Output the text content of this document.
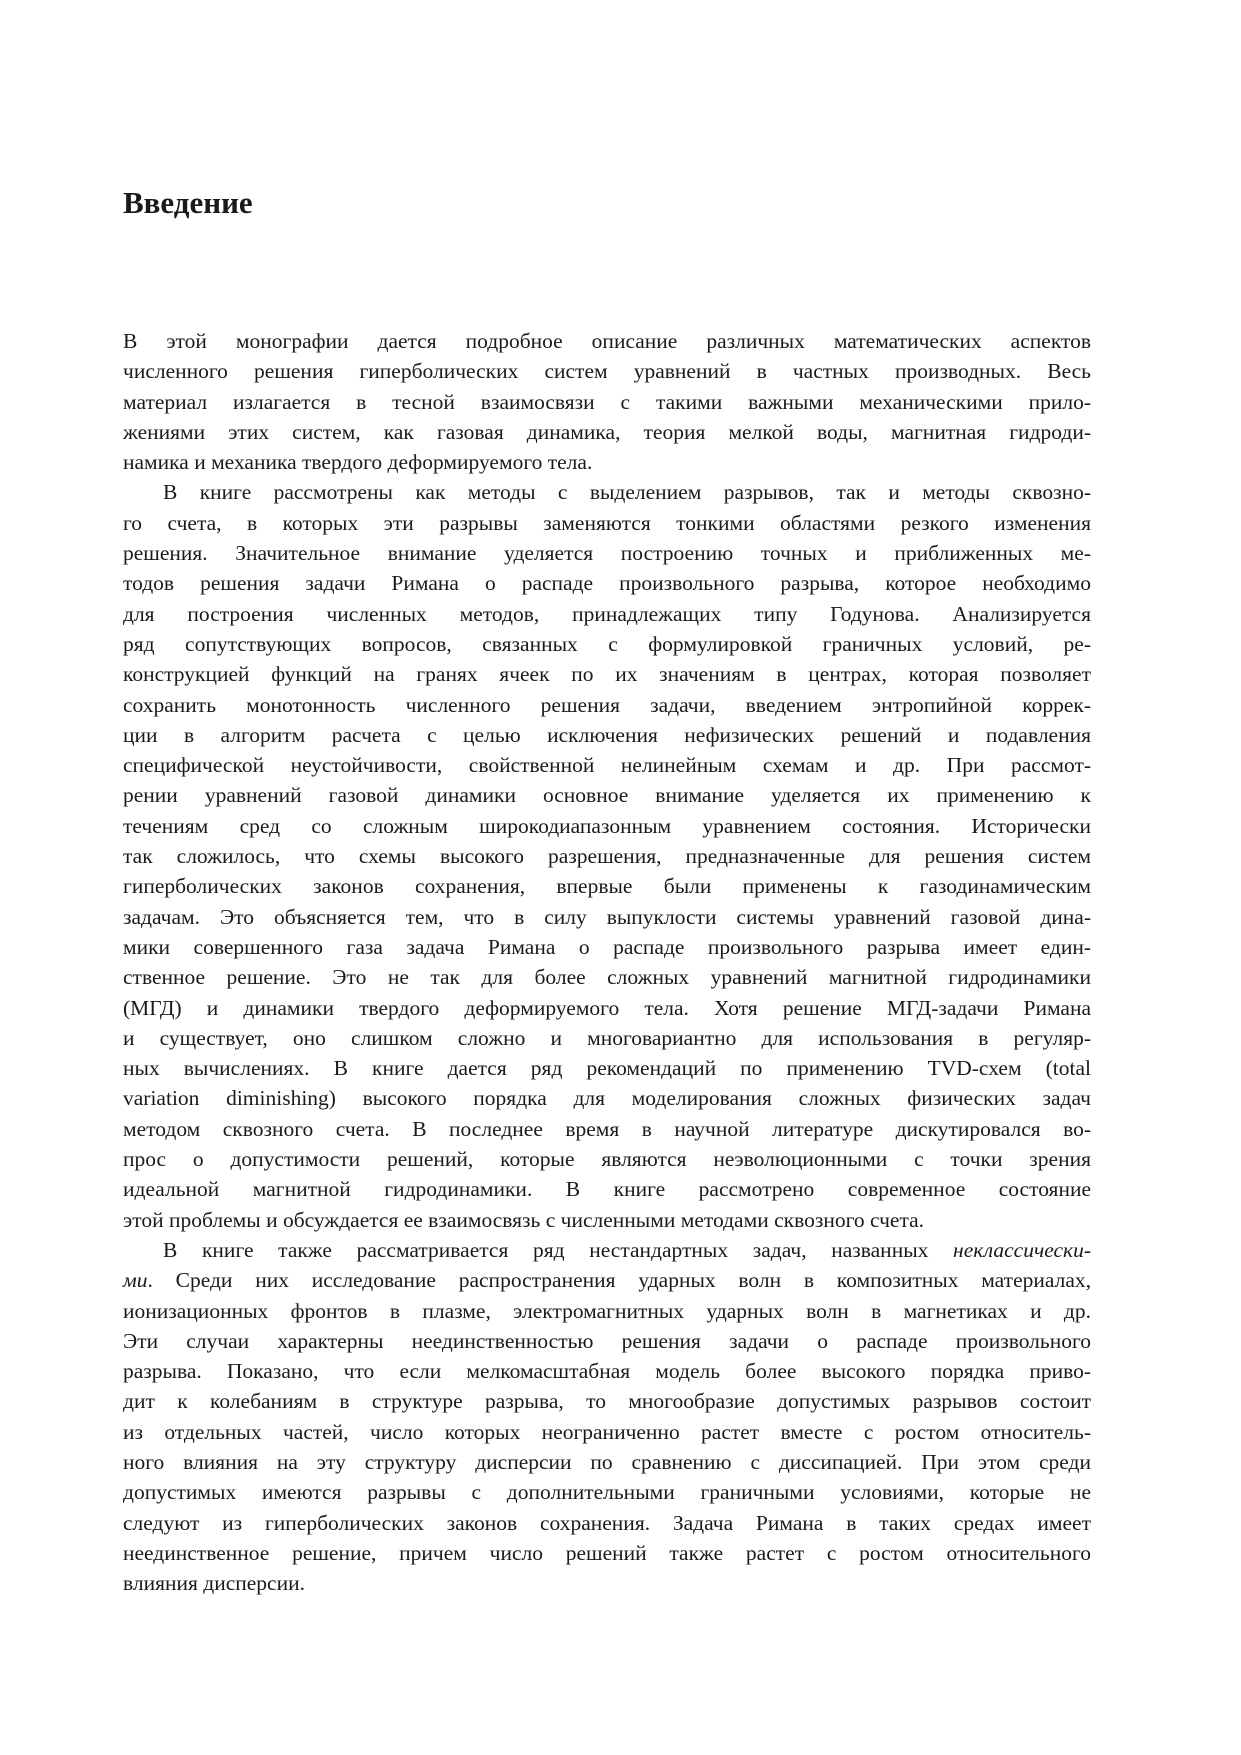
Введение
В этой монографии дается подробное описание различных математических аспектов
численного решения гиперболических систем уравнений в частных производных. Весь
материал излагается в тесной взаимосвязи с такими важными механическими прило-
жениями этих систем, как газовая динамика, теория мелкой воды, магнитная гидроди-
намика и механика твердого деформируемого тела.
В книге рассмотрены как методы с выделением разрывов, так и методы сквозно-
го счета, в которых эти разрывы заменяются тонкими областями резкого изменения
решения. Значительное внимание уделяется построению точных и приближенных ме-
тодов решения задачи Римана о распаде произвольного разрыва, которое необходимо
для построения численных методов, принадлежащих типу Годунова. Анализируется
ряд сопутствующих вопросов, связанных с формулировкой граничных условий, ре-
конструкцией функций на гранях ячеек по их значениям в центрах, которая позволяет
сохранить монотонность численного решения задачи, введением энтропийной коррек-
ции в алгоритм расчета с целью исключения нефизических решений и подавления
специфической неустойчивости, свойственной нелинейным схемам и др. При рассмот-
рении уравнений газовой динамики основное внимание уделяется их применению к
течениям сред со сложным широкодиапазонным уравнением состояния. Исторически
так сложилось, что схемы высокого разрешения, предназначенные для решения систем
гиперболических законов сохранения, впервые были применены к газодинамическим
задачам. Это объясняется тем, что в силу выпуклости системы уравнений газовой дина-
мики совершенного газа задача Римана о распаде произвольного разрыва имеет един-
ственное решение. Это не так для более сложных уравнений магнитной гидродинамики
(МГД) и динамики твердого деформируемого тела. Хотя решение МГД-задачи Римана
и существует, оно слишком сложно и многовариантно для использования в регуляр-
ных вычислениях. В книге дается ряд рекомендаций по применению TVD-схем (total
variation diminishing) высокого порядка для моделирования сложных физических задач
методом сквозного счета. В последнее время в научной литературе дискутировался во-
прос о допустимости решений, которые являются неэволюционными с точки зрения
идеальной магнитной гидродинамики. В книге рассмотрено современное состояние
этой проблемы и обсуждается ее взаимосвязь с численными методами сквозного счета.
В книге также рассматривается ряд нестандартных задач, названных неклассически-
ми. Среди них исследование распространения ударных волн в композитных материалах,
ионизационных фронтов в плазме, электромагнитных ударных волн в магнетиках и др.
Эти случаи характерны неединственностью решения задачи о распаде произвольного
разрыва. Показано, что если мелкомасштабная модель более высокого порядка приво-
дит к колебаниям в структуре разрыва, то многообразие допустимых разрывов состоит
из отдельных частей, число которых неограниченно растет вместе с ростом относитель-
ного влияния на эту структуру дисперсии по сравнению с диссипацией. При этом среди
допустимых имеются разрывы с дополнительными граничными условиями, которые не
следуют из гиперболических законов сохранения. Задача Римана в таких средах имеет
неединственное решение, причем число решений также растет с ростом относительного
влияния дисперсии.
